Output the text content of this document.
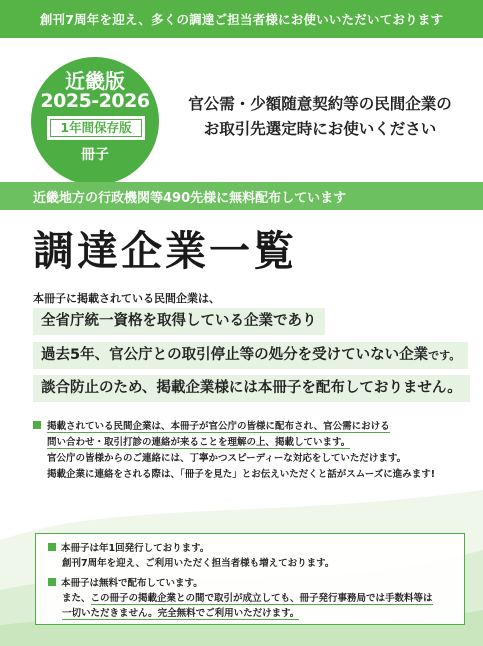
創刊7周年を迎え、多くの調達ご担当者様にお使いいただいております
近畿版
2025-2026
1年間保存版
冊子
官公需・少額随意契約等の民間企業の
お取引先選定時にお使いください
近畿地方の行政機関等490先様に無料配布しています
調達企業一覧
本冊子に掲載されている民間企業は、
全省庁統一資格を取得している企業であり
過去5年、官公庁との取引停止等の処分を受けていない企業です。
談合防止のため、掲載企業様には本冊子を配布しておりません。
掲載されている民間企業は、本冊子が官公庁の皆様に配布され、官公需における
問い合わせ・取引打診の連絡が来ることを理解の上、掲載しています。
官公庁の皆様からのご連絡には、丁寧かつスピーディーな対応をしていただけます。
掲載企業に連絡をされる際は、「冊子を見た」とお伝えいただくと話がスムーズに進みます!
本冊子は年1回発行しております。
創刊7周年を迎え、ご利用いただく担当者様も増えております。
本冊子は無料で配布しています。
また、この冊子の掲載企業との間で取引が成立しても、冊子発行事務局では手数料等は
一切いただきません。完全無料でご利用いただけます。
